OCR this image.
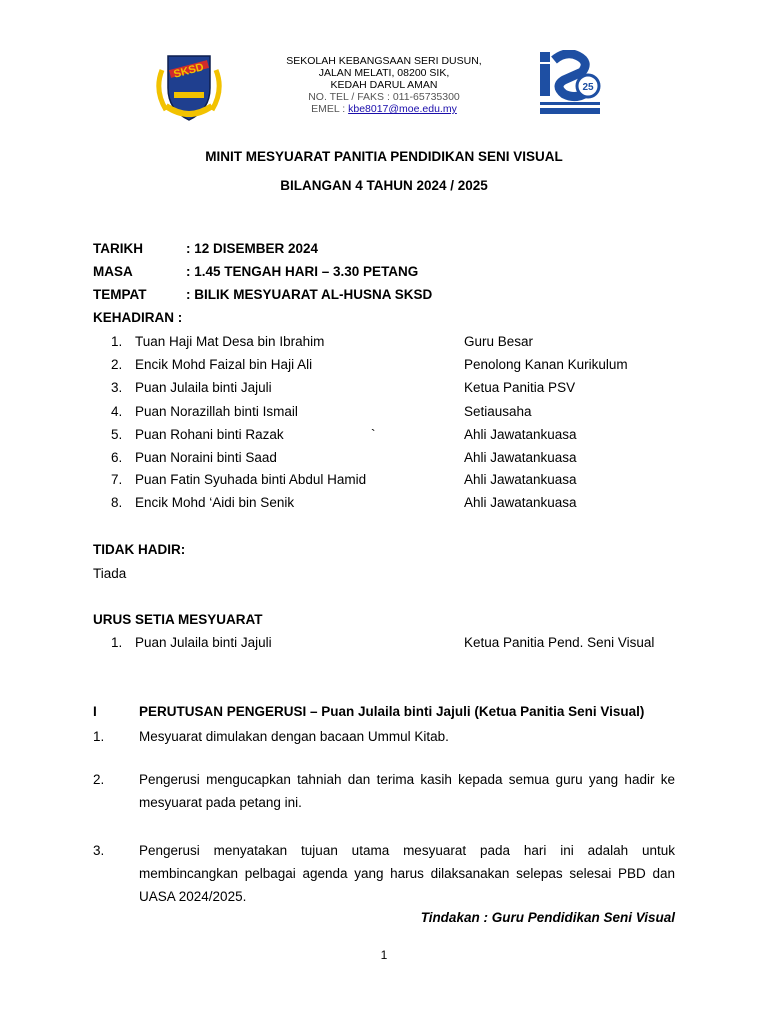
SKSD
SEKOLAH KEBANGSAAN SERI DUSUN,
JALAN MELATI, 08200 SIK,
KEDAH DARUL AMAN
NO. TEL / FAKS : 011-65735300
EMEL : kbe8017@moe.edu.my
25
MINIT MESYUARAT PANITIA PENDIDIKAN SENI VISUAL
BILANGAN 4 TAHUN 2024 / 2025
TARIKH	: 12 DISEMBER 2024
MASA	: 1.45 TENGAH HARI – 3.30 PETANG
TEMPAT	: BILIK MESYUARAT AL-HUSNA SKSD
KEHADIRAN :
1. Tuan Haji Mat Desa bin Ibrahim	Guru Besar
2. Encik Mohd Faizal bin Haji Ali	Penolong Kanan Kurikulum
3. Puan Julaila binti Jajuli	Ketua Panitia PSV
4. Puan Norazillah binti Ismail	Setiausaha
5. Puan Rohani binti Razak	`	Ahli Jawatankuasa
6. Puan Noraini binti Saad	Ahli Jawatankuasa
7. Puan Fatin Syuhada binti Abdul Hamid	Ahli Jawatankuasa
8. Encik Mohd ‘Aidi bin Senik	Ahli Jawatankuasa
TIDAK HADIR:
Tiada
URUS SETIA MESYUARAT
1. Puan Julaila binti Jajuli	Ketua Panitia Pend. Seni Visual
I	PERUTUSAN PENGERUSI – Puan Julaila binti Jajuli (Ketua Panitia Seni Visual)
1.	Mesyuarat dimulakan dengan bacaan Ummul Kitab.
2.	Pengerusi mengucapkan tahniah dan terima kasih kepada semua guru yang hadir ke mesyuarat pada petang ini.
3.	Pengerusi menyatakan tujuan utama mesyuarat pada hari ini adalah untuk membincangkan pelbagai agenda yang harus dilaksanakan selepas selesai PBD dan UASA 2024/2025.
Tindakan : Guru Pendidikan Seni Visual
1
